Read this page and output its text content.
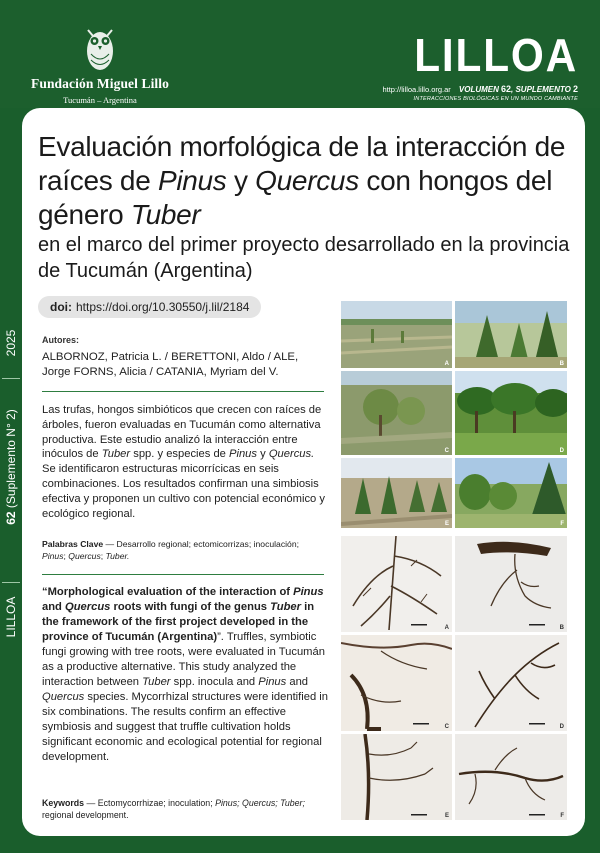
Fundación Miguel Lillo
Tucumán – Argentina
LILLOA
http://lilloa.lillo.org.ar VOLUMEN 62, SUPLEMENTO 2
INTERACCIONES BIOLÓGICAS EN UN MUNDO CAMBIANTE
2025
62 (Suplemento N° 2)
LILLOA
Evaluación morfológica de la interacción de raíces de Pinus y Quercus con hongos del género Tuber
en el marco del primer proyecto desarrollado en la provincia de Tucumán (Argentina)
doi: https://doi.org/10.30550/j.lil/2184
Autores:
ALBORNOZ, Patricia L. / BERETTONI, Aldo / ALE, Jorge FORNS, Alicia / CATANIA, Myriam del V.
Las trufas, hongos simbióticos que crecen con raíces de árboles, fueron evaluadas en Tucumán como alternativa productiva. Este estudio analizó la interacción entre inóculos de Tuber spp. y especies de Pinus y Quercus. Se identificaron estructuras micorrícicas en seis combinaciones. Los resultados confirman una simbiosis efectiva y proponen un cultivo con potencial económico y ecológico regional.
Palabras Clave — Desarrollo regional; ectomicorrizas; inoculación; Pinus; Quercus; Tuber.
“Morphological evaluation of the interaction of Pinus and Quercus roots with fungi of the genus Tuber in the framework of the first project developed in the province of Tucumán (Argentina)”. Truffles, symbiotic fungi growing with tree roots, were evaluated in Tucumán as a productive alternative. This study analyzed the interaction between Tuber spp. inocula and Pinus and Quercus species. Mycorrhizal structures were identified in six combinations. The results confirm an effective symbiosis and suggest that truffle cultivation holds significant economic and ecological potential for regional development.
Keywords — Ectomycorrhizae; inoculation; Pinus; Quercus; Tuber; regional development.
A	B
C	D
E	F
A	B
C	D
E	F
